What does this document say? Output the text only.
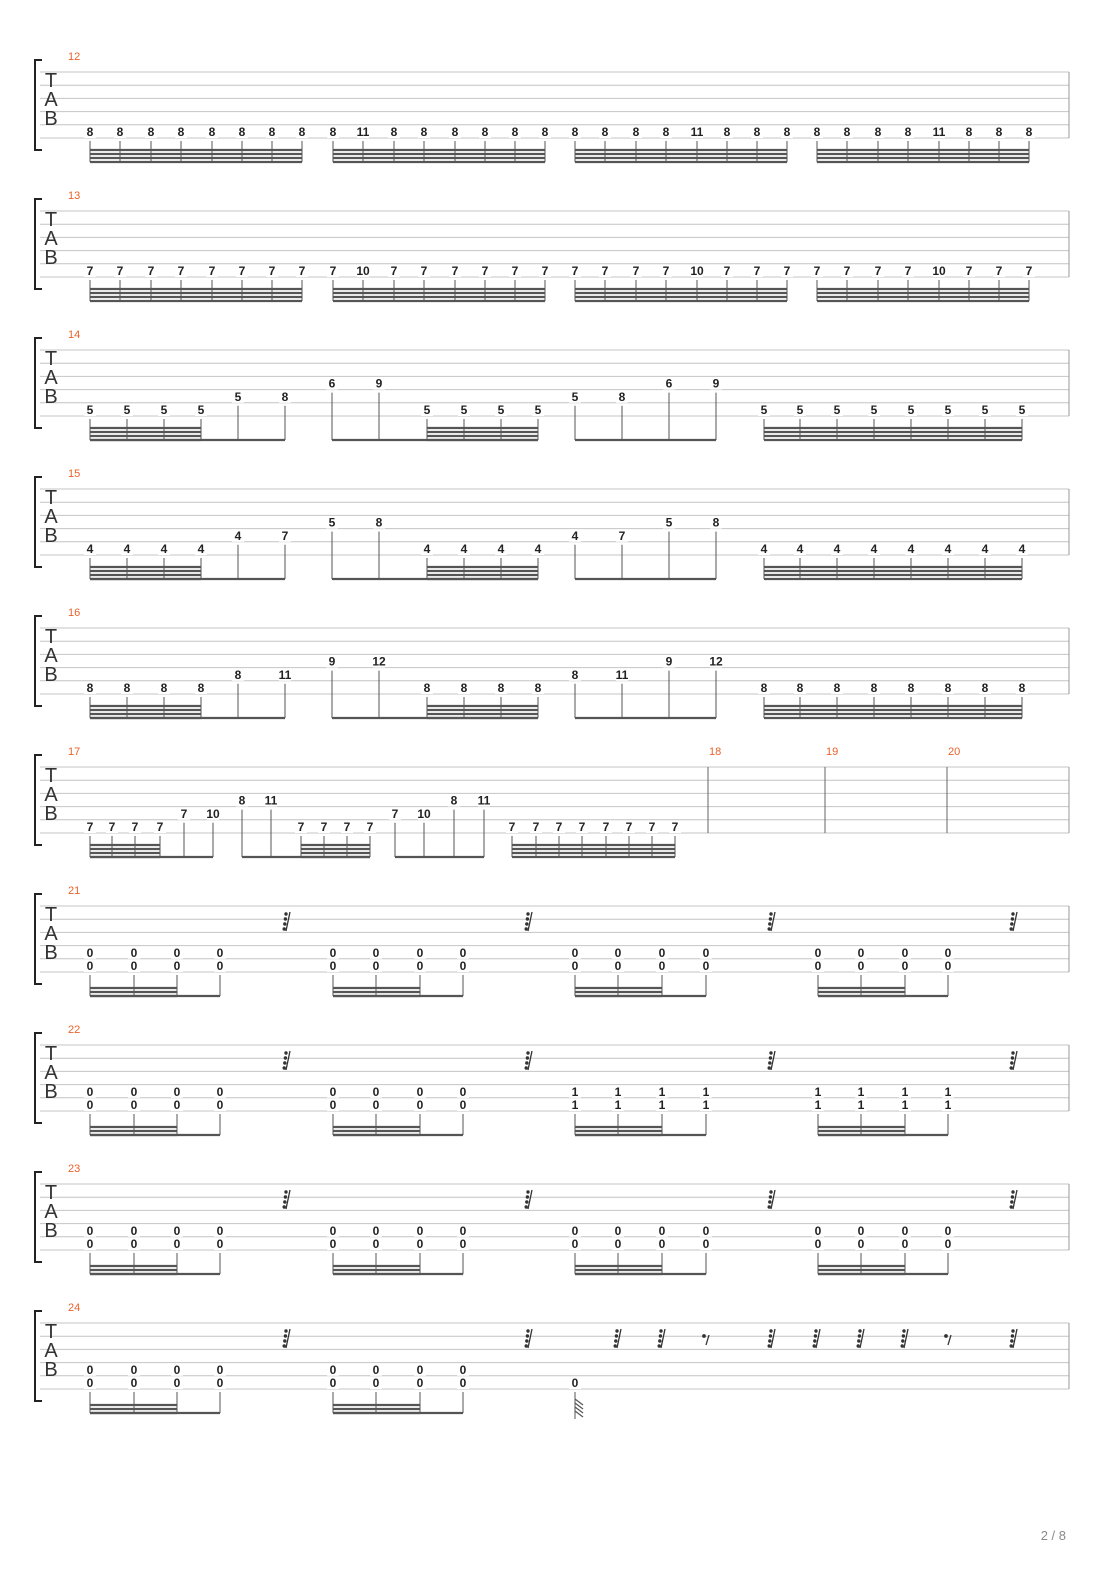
T
A
B
12
8 8 8 8 8 8 8 8 8 11 8 8 8 8 8 8 8 8 8 8 11 8 8 8 8 8 8 8 11 8 8 8
T
A
B
13
7 7 7 7 7 7 7 7 7 10 7 7 7 7 7 7 7 7 7 7 10 7 7 7 7 7 7 7 10 7 7 7
T
A
B
14
5	5	5	5
5	8
6	9
5	5	5	5
5	8
6	9
5 5	5	5	5	5	5	5
T
A
B
15
4	4	4	4
4	7
5	8
4	4	4	4
4	7
5	8
4 4	4	4	4	4	4	4
T
A
B
16
8	8	8	8
8	11
9	12
8	8	8	8
8	11
9	12
8 8	8	8	8	8	8	8
T
A
B
17
7 7 7 7
7 10
8 11
7 7 7 7
7 10
8 11
7 7 7 7 7 7 7 7
18	19	20
T
A
B
21
0
0
0
0
0
0
0
0
0
0
0
0
0
0
0
0
0
0
0
0
0
0
0
0
0
0
0
0
0
0
0
0
T
A
B
22
0
0
0
0
0
0
0
0
0
0
0
0
0
0
0
0
1
1
1
1
1
1
1
1
1
1
1
1
1
1
1
1
T
A
B
23
0
0
0
0
0
0
0
0
0
0
0
0
0
0
0
0
0
0
0
0
0
0
0
0
0
0
0
0
0
0
0
0
T
A
B
24
0
0
0
0
0
0
0
0
0
0
0
0
0
0
0
0	0
2 / 8
